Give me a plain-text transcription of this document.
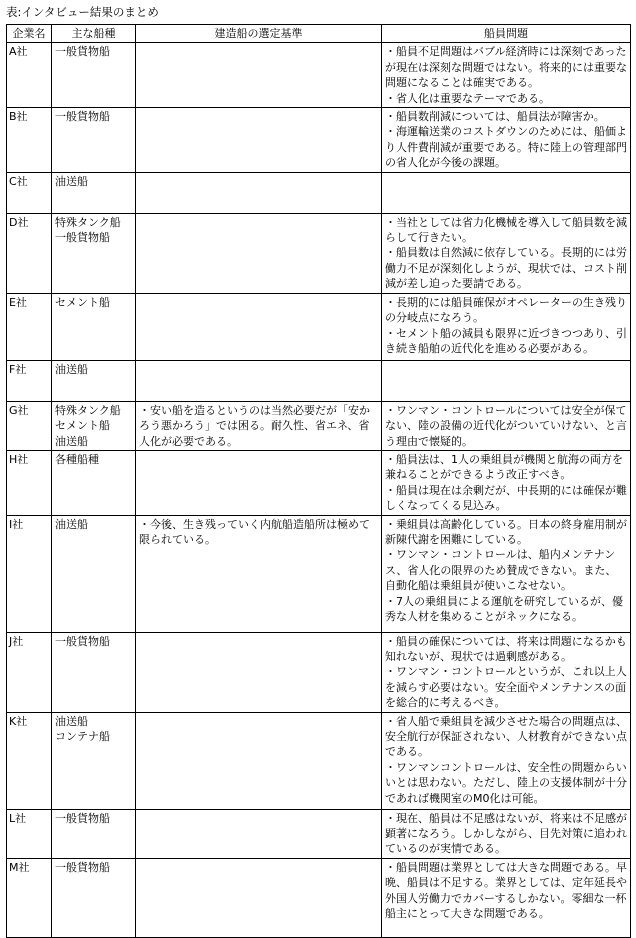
表:インタビュー結果のまとめ
企業名	主な船種	建造船の選定基準	船員問題
A社	一般貨物船		・船員不足問題はバブル経済時には深刻であったが現在は深刻な問題ではない。将来的には重要な問題になることは確実である。
・省人化は重要なテーマである。

B社	一般貨物船		・船員数削減については、船員法が障害か。
・海運輸送業のコストダウンのためには、船価より人件費削減が重要である。特に陸上の管理部門の省人化が今後の課題。

C社	油送船		

D社	特殊タンク船
一般貨物船		・当社としては省力化機械を導入して船員数を減らして行きたい。
・船員数は自然減に依存している。長期的には労働力不足が深刻化しようが、現状では、コスト削減が差し迫った要請である。

E社	セメント船		・長期的には船員確保がオペレーターの生き残りの分岐点になろう。
・セメント船の減員も限界に近づきつつあり、引き続き船舶の近代化を進める必要がある。

F社	油送船		

G社	特殊タンク船
セメント船
油送船	・安い船を造るというのは当然必要だが「安かろう悪かろう」では困る。耐久性、省エネ、省人化が必要である。	・ワンマン・コントロールについては安全が保てない、陸の設備の近代化がついていけない、と言う理由で懐疑的。

H社	各種船種		・船員法は、1人の乗組員が機関と航海の両方を兼ねることができるよう改正すべき。
・船員は現在は余剰だが、中長期的には確保が難しくなってくる見込み。

I社	油送船	・今後、生き残っていく内航船造船所は極めて限られている。	・乗組員は高齢化している。日本の終身雇用制が新陳代謝を困難にしている。
・ワンマン・コントロールは、船内メンテナンス、省人化の限界のため賛成できない。また、自動化船は乗組員が使いこなせない。
・7人の乗組員による運航を研究しているが、優秀な人材を集めることがネックになる。

J社	一般貨物船		・船員の確保については、将来は問題になるかも知れないが、現状では過剰感がある。
・ワンマン・コントロールというが、これ以上人を減らす必要はない。安全面やメンテナンスの面を総合的に考えるべき。

K社	油送船
コンテナ船		・省人船で乗組員を減少させた場合の問題点は、安全航行が保証されない、人材教育ができない点である。
・ワンマンコントロールは、安全性の問題からいいとは思わない。ただし、陸上の支援体制が十分であれば機関室のM0化は可能。

L社	一般貨物船		・現在、船員は不足感はないが、将来は不足感が顕著になろう。しかしながら、目先対策に追われているのが実情である。

M社	一般貨物船		・船員問題は業界としては大きな問題である。早晩、船員は不足する。業界としては、定年延長や外国人労働力でカバーするしかない。零細な一杯船主にとって大きな問題である。
